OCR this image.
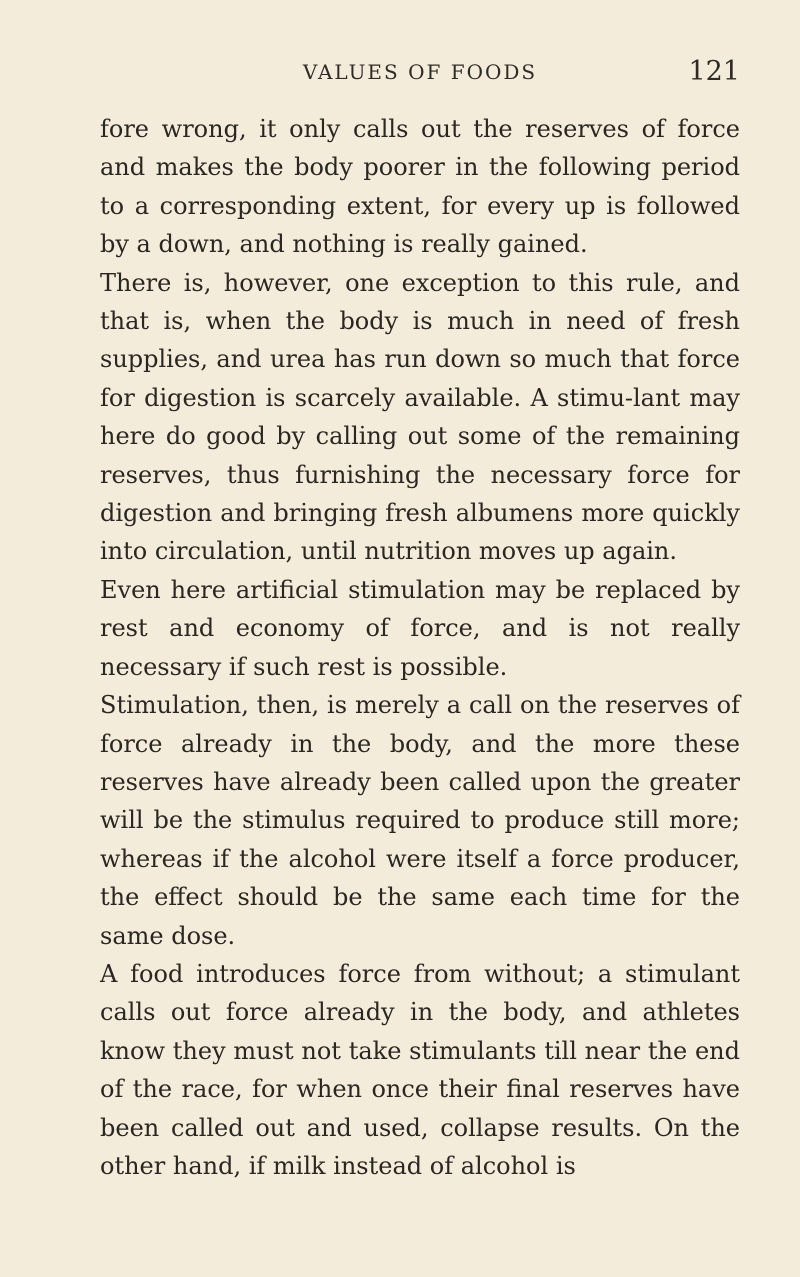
VALUES OF FOODS	121

fore wrong, it only calls out the reserves of force and makes the body poorer in the following period to a corresponding extent, for every up is followed by a down, and nothing is really gained.

There is, however, one exception to this rule, and that is, when the body is much in need of fresh supplies, and urea has run down so much that force for digestion is scarcely available. A stimu-lant may here do good by calling out some of the remaining reserves, thus furnishing the necessary force for digestion and bringing fresh albumens more quickly into circulation, until nutrition moves up again.

Even here artificial stimulation may be replaced by rest and economy of force, and is not really necessary if such rest is possible.

Stimulation, then, is merely a call on the reserves of force already in the body, and the more these reserves have already been called upon the greater will be the stimulus required to produce still more; whereas if the alcohol were itself a force producer, the effect should be the same each time for the same dose.

A food introduces force from without; a stimulant calls out force already in the body, and athletes know they must not take stimulants till near the end of the race, for when once their final reserves have been called out and used, collapse results. On the other hand, if milk instead of alcohol is
